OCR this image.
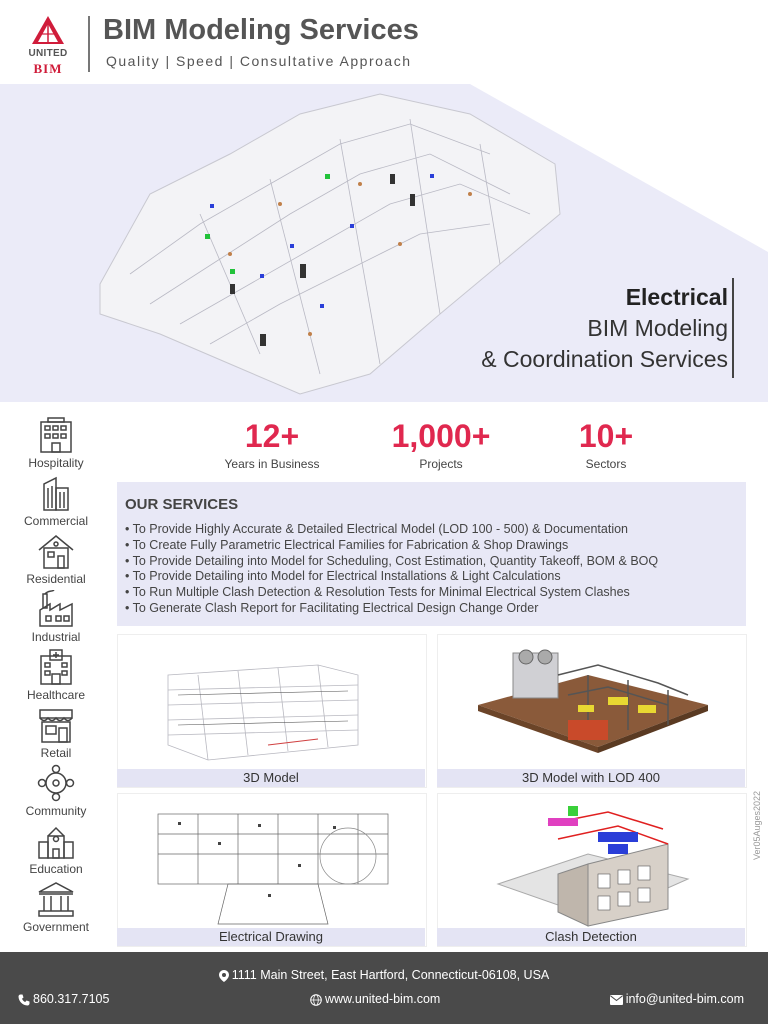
UNITED
BIM
BIM Modeling Services
Quality | Speed | Consultative Approach
Electrical
BIM Modeling
& Coordination Services
Hospitality
Commercial
Residential
Industrial
Healthcare
Retail
Community
Education
Government
12+
Years in Business
1,000+
Projects
10+
Sectors
OUR SERVICES
• To Provide Highly Accurate & Detailed Electrical Model (LOD 100 - 500) & Documentation
• To Create Fully Parametric Electrical Families for Fabrication & Shop Drawings
• To Provide Detailing into Model for Scheduling, Cost Estimation, Quantity Takeoff, BOM & BOQ
• To Provide Detailing into Model for Electrical Installations & Light Calculations
• To Run Multiple Clash Detection & Resolution Tests for Minimal Electrical System Clashes
• To Generate Clash Report for Facilitating Electrical Design Change Order
3D Model	3D Model with LOD 400
Electrical Drawing	Clash Detection
Ver05Auges2022
1111 Main Street, East Hartford, Connecticut-06108, USA
860.317.7105	www.united-bim.com	info@united-bim.com
